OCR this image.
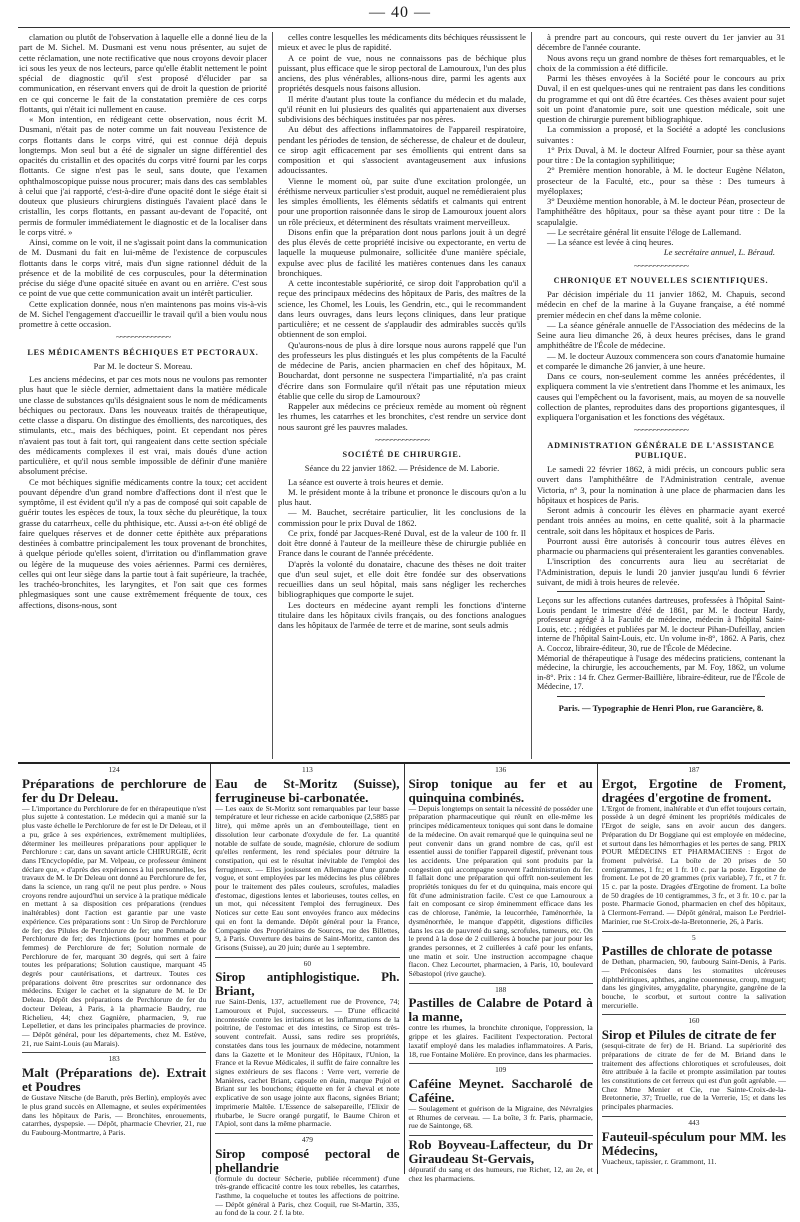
— 40 —

clamation ou plutôt de l'observation à laquelle elle a donné lieu de la part de M. Sichel. M. Dusmani est venu nous présenter, au sujet de cette réclamation, une note rectificative que nous croyons devoir placer ici sous les yeux de nos lecteurs, parce qu'elle établit nettement le point spécial de diagnostic qu'il s'est proposé d'élucider par sa communication, en réservant envers qui de droit la question de priorité en ce qui concerne le fait de la constatation première de ces corps flottants, qui n'était ici nullement en cause.

« Mon intention, en rédigeant cette observation, nous écrit M. Dusmani, n'était pas de noter comme un fait nouveau l'existence de corps flottants dans le corps vitré, qui est connue déjà depuis longtemps. Mon seul but a été de signaler un signe différentiel des opacités du cristallin et des opacités du corps vitré fourni par les corps flottants. Ce signe n'est pas le seul, sans doute, que l'examen ophthalmoscopique puisse nous procurer; mais dans des cas semblables à celui que j'ai rapporté, c'est-à-dire d'une opacité dont le siége était si douteux que plusieurs chirurgiens distingués l'avaient placé dans le cristallin, les corps flottants, en passant au-devant de l'opacité, ont permis de formuler immédiatement le diagnostic et de la localiser dans le corps vitré. »

Ainsi, comme on le voit, il ne s'agissait point dans la communication de M. Dusmani du fait en lui-même de l'existence de corpuscules flottants dans le corps vitré, mais d'un signe rationnel déduit de la présence et de la mobilité de ces corpuscules, pour la détermination précise du siége d'une opacité située en avant ou en arrière. C'est sous ce point de vue que cette communication avait un intérêt particulier.

Cette explication donnée, nous n'en maintenons pas moins vis-à-vis de M. Sichel l'engagement d'accueillir le travail qu'il a bien voulu nous promettre à cette occasion.

~~~~~~~~~~~~~~
LES MÉDICAMENTS BÉCHIQUES ET PECTORAUX.
Par M. le docteur S. Moreau.

Les anciens médecins, et par ces mots nous ne voulons pas remonter plus haut que le siècle dernier, admettaient dans la matière médicale une classe de substances qu'ils désignaient sous le nom de médicaments béchiques ou pectoraux. Dans les nouveaux traités de thérapeutique, cette classe a disparu. On distingue des émollients, des narcotiques, des stimulants, etc., mais des béchiques, point. Et cependant nos pères n'avaient pas tout à fait tort, qui rangeaient dans cette section spéciale des médicaments complexes il est vrai, mais doués d'une action particulière, et qu'il nous semble impossible de définir d'une manière absolument précise.

Ce mot béchiques signifie médicaments contre la toux; cet accident pouvant dépendre d'un grand nombre d'affections dont il n'est que le symptôme, il est évident qu'il n'y a pas de composé qui soit capable de guérir toutes les espèces de toux, la toux sèche du pleurétique, la toux grasse du catarrheux, celle du phthisique, etc. Aussi a-t-on été obligé de faire quelques réserves et de donner cette épithète aux préparations destinées à combattre principalement les toux provenant de bronchites, à quelque période qu'elles soient, d'irritation ou d'inflammation grave ou légère de la muqueuse des voies aériennes. Parmi ces dernières, celles qui ont leur siège dans la partie tout à fait supérieure, la trachée, les trachéo-bronchites, les laryngites, et l'on sait que ces formes phlegmasiques sont une cause extrêmement fréquente de toux, ces affections, disons-nous, sont

celles contre lesquelles les médicaments dits béchiques réussissent le mieux et avec le plus de rapidité.

A ce point de vue, nous ne connaissons pas de béchique plus puissant, plus efficace que le sirop pectoral de Lamouroux, l'un des plus anciens, des plus vénérables, allions-nous dire, parmi les agents aux propriétés desquels nous faisons allusion.

Il mérite d'autant plus toute la confiance du médecin et du malade, qu'il réunit en lui plusieurs des qualités qui appartenaient aux diverses subdivisions des béchiques instituées par nos pères.

Au début des affections inflammatoires de l'appareil respiratoire, pendant les périodes de tension, de sécheresse, de chaleur et de douleur, ce sirop agit efficacement par ses émollients qui entrent dans sa composition et qui s'associent avantageusement aux infusions adoucissantes.

Vienne le moment où, par suite d'une excitation prolongée, un éréthisme nerveux particulier s'est produit, auquel ne remédieraient plus les simples émollients, les éléments sédatifs et calmants qui entrent pour une proportion raisonnée dans le sirop de Lamouroux jouent alors un rôle précieux, et déterminent des résultats vraiment merveilleux.

Disons enfin que la préparation dont nous parlons jouit à un degré des plus élevés de cette propriété incisive ou expectorante, en vertu de laquelle la muqueuse pulmonaire, sollicitée d'une manière spéciale, expulse avec plus de facilité les matières contenues dans les canaux bronchiques.

A cette incontestable supériorité, ce sirop doit l'approbation qu'il a reçue des principaux médecins des hôpitaux de Paris, des maîtres de la science, les Chomel, les Louis, les Gendrin, etc., qui le recommandent dans leurs ouvrages, dans leurs leçons cliniques, dans leur pratique particulière; et ne cessent de s'applaudir des admirables succès qu'ils obtiennent de son emploi.

Qu'aurons-nous de plus à dire lorsque nous aurons rappelé que l'un des professeurs les plus distingués et les plus compétents de la Faculté de médecine de Paris, ancien pharmacien en chef des hôpitaux, M. Bouchardat, dont personne ne suspectera l'impartialité, n'a pas craint d'écrire dans son Formulaire qu'il n'était pas une réputation mieux établie que celle du sirop de Lamouroux?

Rappeler aux médecins ce précieux remède au moment où règnent les rhumes, les catarrhes et les bronchites, c'est rendre un service dont nous sauront gré les pauvres malades.

~~~~~~~~~~~~~~
SOCIÉTÉ DE CHIRURGIE.
Séance du 22 janvier 1862. — Présidence de M. Laborie.

La séance est ouverte à trois heures et demie.

M. le président monte à la tribune et prononce le discours qu'on a lu plus haut.

— M. Bauchet, secrétaire particulier, lit les conclusions de la commission pour le prix Duval de 1862.

Ce prix, fondé par Jacques-René Duval, est de la valeur de 100 fr. Il doit être donné à l'auteur de la meilleure thèse de chirurgie publiée en France dans le courant de l'année précédente.

D'après la volonté du donataire, chacune des thèses ne doit traiter que d'un seul sujet, et elle doit être fondée sur des observations recueillies dans un seul hôpital, mais sans négliger les recherches bibliographiques que comporte le sujet.

Les docteurs en médecine ayant rempli les fonctions d'interne titulaire dans les hôpitaux civils français, ou des fonctions analogues dans les hôpitaux de l'armée de terre et de marine, sont seuls admis

à prendre part au concours, qui reste ouvert du 1er janvier au 31 décembre de l'année courante.

Nous avons reçu un grand nombre de thèses fort remarquables, et le choix de la commission a été difficile.

Parmi les thèses envoyées à la Société pour le concours au prix Duval, il en est quelques-unes qui ne rentraient pas dans les conditions du programme et qui ont dû être écartées. Ces thèses avaient pour sujet soit un point d'anatomie pure, soit une question médicale, soit une question de chirurgie purement bibliographique.

La commission a proposé, et la Société a adopté les conclusions suivantes :

1° Prix Duval, à M. le docteur Alfred Fournier, pour sa thèse ayant pour titre : De la contagion syphilitique;

2° Première mention honorable, à M. le docteur Eugène Nélaton, prosecteur de la Faculté, etc., pour sa thèse : Des tumeurs à myéloplaxes;

3° Deuxième mention honorable, à M. le docteur Péan, prosecteur de l'amphithéâtre des hôpitaux, pour sa thèse ayant pour titre : De la scapulalgie.

— Le secrétaire général lit ensuite l'éloge de Lallemand.

— La séance est levée à cinq heures.

Le secrétaire annuel, L. Béraud.
~~~~~~~~~~~~~~
CHRONIQUE ET NOUVELLES SCIENTIFIQUES.

Par décision impériale du 11 janvier 1862, M. Chapuis, second médecin en chef de la marine à la Guyane française, a été nommé premier médecin en chef dans la même colonie.

— La séance générale annuelle de l'Association des médecins de la Seine aura lieu dimanche 26, à deux heures précises, dans le grand amphithéâtre de l'École de médecine.

— M. le docteur Auzoux commencera son cours d'anatomie humaine et comparée le dimanche 26 janvier, à une heure.

Dans ce cours, non-seulement comme les années précédentes, il expliquera comment la vie s'entretient dans l'homme et les animaux, les causes qui l'empêchent ou la favorisent, mais, au moyen de sa nouvelle collection de plantes, reproduites dans des proportions gigantesques, il expliquera l'organisation et les fonctions des végétaux.

~~~~~~~~~~~~~~
ADMINISTRATION GÉNÉRALE DE L'ASSISTANCE PUBLIQUE.

Le samedi 22 février 1862, à midi précis, un concours public sera ouvert dans l'amphithéâtre de l'Administration centrale, avenue Victoria, n° 3, pour la nomination à une place de pharmacien dans les hôpitaux et hospices de Paris.

Seront admis à concourir les élèves en pharmacie ayant exercé pendant trois années au moins, en cette qualité, soit à la pharmacie centrale, soit dans les hôpitaux et hospices de Paris.

Pourront aussi être autorisés à concourir tous autres élèves en pharmacie ou pharmaciens qui présenteraient les garanties convenables.

L'inscription des concurrents aura lieu au secrétariat de l'Administration, depuis le lundi 20 janvier jusqu'au lundi 6 février suivant, de midi à trois heures de relevée.

Leçons sur les affections cutanées dartreuses, professées à l'hôpital Saint-Louis pendant le trimestre d'été de 1861, par M. le docteur Hardy, professeur agrégé à la Faculté de médecine, médecin à l'hôpital Saint-Louis, etc. ; rédigées et publiées par M. le docteur Pihan-Dufeillay, ancien interne de l'hôpital Saint-Louis, etc. Un volume in-8°, 1862. A Paris, chez A. Coccoz, libraire-éditeur, 30, rue de l'École de Médecine.

Mémorial de thérapeutique à l'usage des médecins praticiens, contenant la médecine, la chirurgie, les accouchements, par M. Foy, 1862, un volume in-8°. Prix : 14 fr. Chez Germer-Baillière, libraire-éditeur, rue de l'École de Médecine, 17.

Paris. — Typographie de Henri Plon, rue Garancière, 8.
124
Préparations de perchlorure de fer du Dr Deleau.
— L'importance du Perchlorure de fer en thérapeutique n'est plus sujette à contestation. Le médecin qui a manié sur la plus vaste échelle le Perchlorure de fer est le Dr Deleau, et il a pu, grâce à ses expériences, extrêmement multipliées, déterminer les meilleures préparations pour appliquer le Perchlorure : car, dans un savant article CHIRURGIE, écrit dans l'Encyclopédie, par M. Velpeau, ce professeur éminent déclare que, « d'après des expériences à lui personnelles, les travaux de M. le Dr Deleau ont donné au Perchlorure de fer, dans la science, un rang qu'il ne peut plus perdre. » Nous croyons rendre aujourd'hui un service à la pratique médicale en mettant à sa disposition ces préparations (rendues inaltérables) dont l'action est garantie par une vaste expérience. Ces préparations sont : Un Sirop de Perchlorure de fer; des Pilules de Perchlorure de fer; une Pommade de Perchlorure de fer; des Injections (pour hommes et pour femmes) de Perchlorure de fer; Solution normale de Perchlorure de fer, marquant 30 degrés, qui sert à faire toutes les préparations; Solution caustique, marquant 45 degrés pour cautérisations, et dartreux. Toutes ces préparations doivent être prescrites sur ordonnance des médecins. Exiger le cachet et la signature de M. le Dr Deleau. Dépôt des préparations de Perchlorure de fer du docteur Deleau, à Paris, à la pharmacie Baudry, rue Richelieu, 44; chez Gagnière, pharmacien, 9, rue Lepelletier, et dans les principales pharmacies de province. — Dépôt général, pour les départements, chez M. Estève, 21, rue Saint-Louis (au Marais).
183
Malt (Préparations de). Extrait et Poudres
de Gustave Nitsche (de Baruth, près Berlin), employés avec le plus grand succès en Allemagne, et seules expérimentées dans les hôpitaux de Paris, — Bronchites, enrouements, catarrhes, dyspepsie. — Dépôt, pharmacie Chevrier, 21, rue du Faubourg-Montmartre, à Paris.
113
Eau de St-Moritz (Suisse), ferrugineuse bi-carbonatée.
— Les eaux de St-Moritz sont remarquables par leur basse température et leur richesse en acide carbonique (2,5885 par litre), qui même après un an d'embouteillage, tient en dissolution leur carbonate d'oxydule de fer. La quantité notable de sulfate de soude, magnésie, chlorure de sodium qu'elles renferment, les rend spéciales pour détruire la constipation, qui est le résultat inévitable de l'emploi des ferrugineux. — Elles jouissent en Allemagne d'une grande vogue, et sont employées par les médecins les plus célèbres pour le traitement des pâles couleurs, scrofules, maladies d'estomac, digestions lentes et laborieuses, toutes celles, en un mot, qui nécessitent l'emploi des ferrugineux. Des Notices sur cette Eau sont envoyées franco aux médecins qui en font la demande. Dépôt général pour la France, Compagnie des Propriétaires de Sources, rue des Billettes, 9, à Paris. Ouverture des bains de Saint-Moritz, canton des Grisons (Suisse), au 20 juin; durée au 1 septembre.
60
Sirop antiphlogistique. Ph. Briant,
rue Saint-Denis, 137, actuellement rue de Provence, 74; Lamouroux et Pujol, successeurs. — D'une efficacité incontestée contre les irritations et les inflammations de la poitrine, de l'estomac et des intestins, ce Sirop est très-souvent contrefait. Aussi, sans redire ses propriétés, constatées dans tous les journaux de médecine, notamment dans la Gazette et le Moniteur des Hôpitaux, l'Union, la France et la Revue Médicales, il suffit de faire connaître les signes extérieurs de ses flacons : Verre vert, verrerie de Manières, cachet Briant, capsule en étain, marque Pujol et Briant sur les bouchons; étiquette en fer à cheval et note explicative de son usage jointe aux flacons, signées Briant; imprimerie Maltêe. L'Essence de salsepareille, l'Elixir de rhubarbe, le Sucre orangé purgatif, le Baume Chiron et l'Apiol, sont dans la même pharmacie.
479
Sirop composé pectoral de phellandrie
(formule du docteur Sécherie, publiée récemment) d'une très-grande efficacité contre les toux rebelles, les catarrhes, l'asthme, la coqueluche et toutes les affections de poitrine. — Dépôt général à Paris, chez Coquil, rue St-Martin, 335, au fond de la cour. 2 f. la bte.
136
Sirop tonique au fer et au quinquina combinés.
— Depuis longtemps on sentait la nécessité de posséder une préparation pharmaceutique qui réunît en elle-même les principes médicamenteux toniques qui sont dans le domaine de la médecine. On avait remarqué que le quinquina seul ne peut convenir dans un grand nombre de cas, qu'il est essentiel aussi de tonifier l'appareil digestif, prévenant tous les accidents. Une préparation qui sont produits par la congestion qui accompagne souvent l'administration du fer. Il fallait donc une préparation qui offrît non-seulement les propriétés toniques du fer et du quinquina, mais encore qui fût d'une administration facile. C'est ce que Lamouroux a fait en composant ce sirop éminemment efficace dans les cas de chlorose, l'anémie, la leucorrhée, l'aménorrhée, la dysménorrhée, le manque d'appétit, digestions difficiles dans les cas de pauvreté du sang, scrofules, tumeurs, etc. On le prend à la dose de 2 cuillerées à bouche par jour pour les grandes personnes, et 2 cuillerées à café pour les enfants, une matin et soir. Une instruction accompagne chaque flacon. Chez Lecourtet, pharmacien, à Paris, 10, boulevard Sébastopol (rive gauche).
188
Pastilles de Calabre de Potard à la manne,
contre les rhumes, la bronchite chronique, l'oppression, la grippe et les glaires. Facilitent l'expectoration. Pectoral laxatif employé dans les maladies inflammatoires. A Paris, 18, rue Fontaine Molière. En province, dans les pharmacies.
109
Caféine Meynet. Saccharolé de Caféine.
— Soulagement et guérison de la Migraine, des Névralgies et Rhumes de cerveau. — La boîte, 3 fr. Paris, pharmacie, rue de Saintonge, 68.
Rob Boyveau-Laffecteur, du Dr Giraudeau St-Gervais,
dépuratif du sang et des humeurs, rue Richer, 12, au 2e, et chez les pharmaciens.
187
Ergot, Ergotine de Froment, dragées d'ergotine de froment.
L'Ergot de froment, inaltérable et d'un effet toujours certain, possède à un degré éminent les propriétés médicales de l'Ergot de seigle, sans en avoir aucun des dangers. Préparation du Dr Boggiane qui est employée en médecine, et surtout dans les hémorrhagies et les pertes de sang. PRIX POUR MÉDECINS ET PHARMACIENS : Ergot de froment pulvérisé. La boîte de 20 prises de 50 centigrammes, 1 fr.; et 1 fr. 10 c. par la poste. Ergotine de froment. Le pot de 20 grammes (prix variable), 7 fr., et 7 fr. 15 c. par la poste. Dragées d'Ergotine de froment. La boîte de 50 dragées de 10 centigrammes, 3 fr., et 3 fr. 10 c. par la poste. Pharmacie Gonod, pharmacien en chef des hôpitaux, à Clermont-Ferrand. — Dépôt général, maison Le Perdriel-Marinier, rue St-Croix-de-la-Bretonnerie, 26, à Paris.
5
Pastilles de chlorate de potasse
de Dethan, pharmacien, 90, faubourg Saint-Denis, à Paris. — Préconisées dans les stomatites ulcéreuses diphthéritiques, aphthes, angine couenneuse, croup, muguet; dans les gingivites, amygdalite, pharyngite, gangrène de la bouche, le scorbut, et surtout contre la salivation mercurielle.
160
Sirop et Pilules de citrate de fer
(sesqui-citrate de fer) de H. Briand. La supériorité des préparations de citrate de fer de M. Briand dans le traitement des affections chlorotiques et scrofuleuses, doit être attribuée à la facile et prompte assimilation par toutes les constitutions de cet ferreux qui est d'un goût agréable. — Chez Mme Menier et Cie, rue Sainte-Croix-de-la-Bretonnerie, 37; Truelle, rue de la Verrerie, 15; et dans les principales pharmacies.
443
Fauteuil-spéculum pour MM. les Médecins,
Vuacheux, tapissier, r. Grammont, 11.
